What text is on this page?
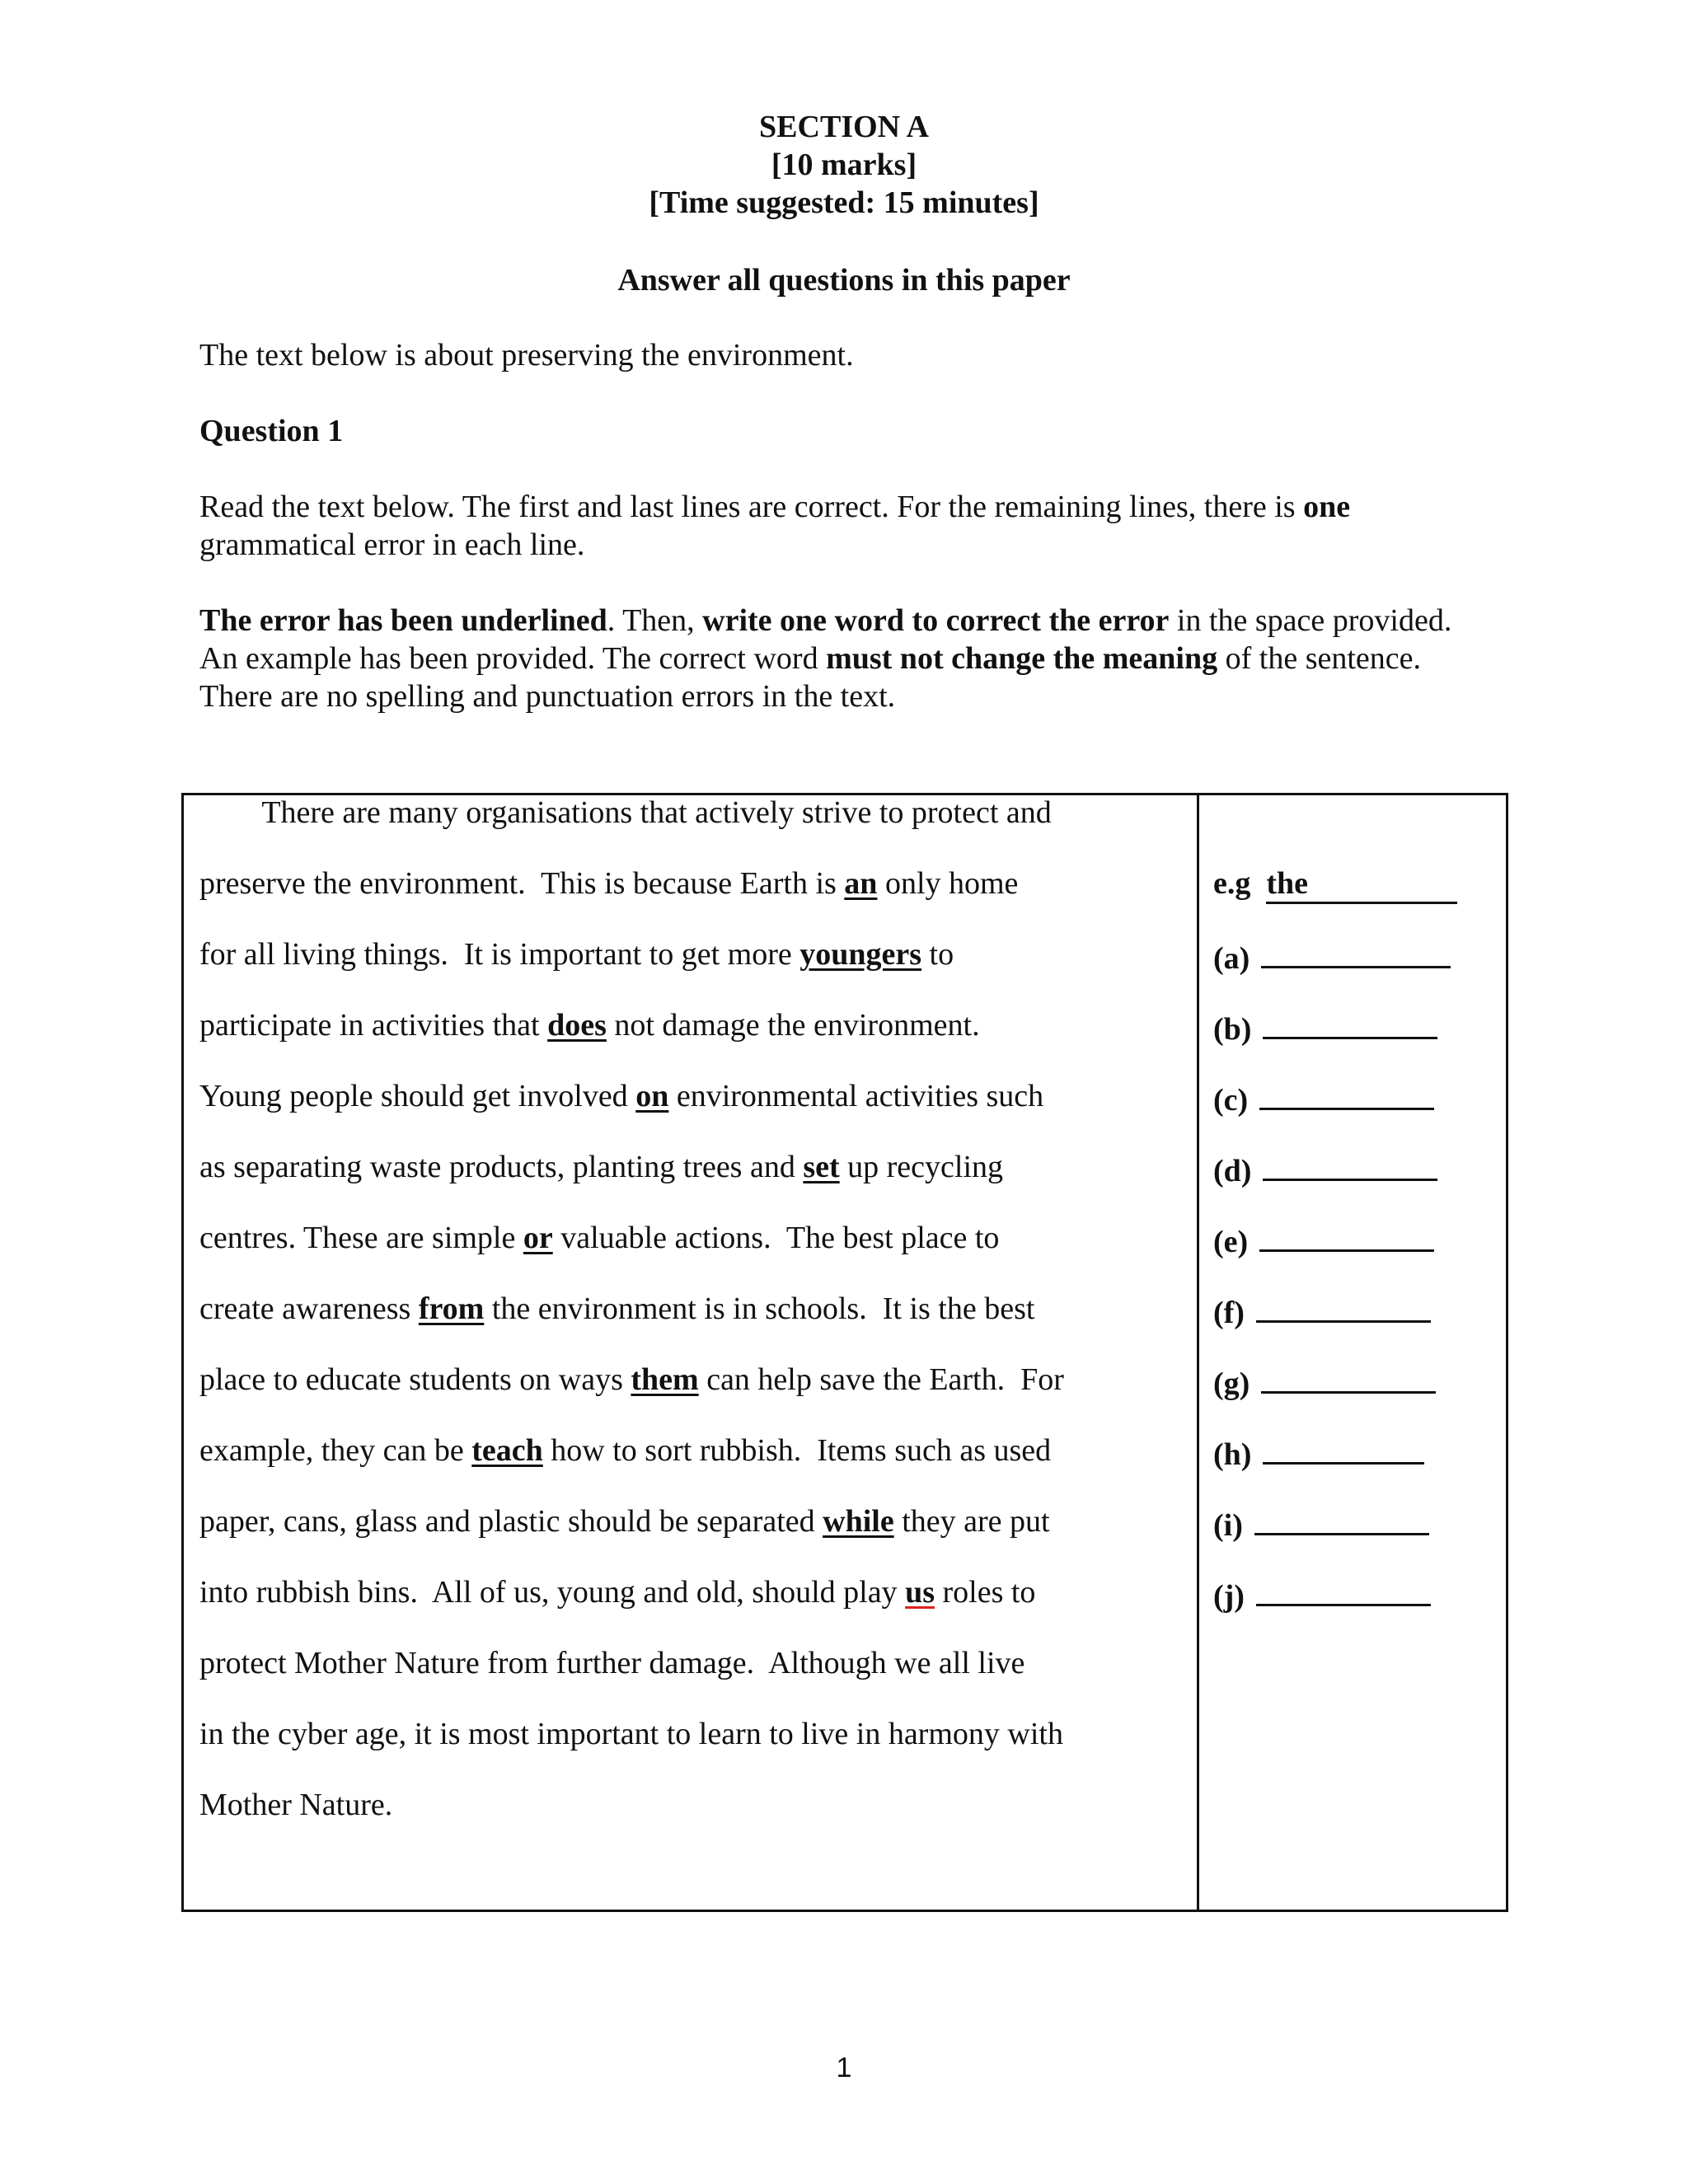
SECTION A
[10 marks]
[Time suggested: 15 minutes]
Answer all questions in this paper
The text below is about preserving the environment.
Question 1
Read the text below. The first and last lines are correct. For the remaining lines, there is one grammatical error in each line.
The error has been underlined. Then, write one word to correct the error in the space provided. An example has been provided. The correct word must not change the meaning of the sentence. There are no spelling and punctuation errors in the text.
There are many organisations that actively strive to protect and
preserve the environment.  This is because Earth is an only home
for all living things.  It is important to get more youngers to
participate in activities that does not damage the environment.
Young people should get involved on environmental activities such
as separating waste products, planting trees and set up recycling
centres. These are simple or valuable actions.  The best place to
create awareness from the environment is in schools.  It is the best
place to educate students on ways them can help save the Earth.  For
example, they can be teach how to sort rubbish.  Items such as used
paper, cans, glass and plastic should be separated while they are put
into rubbish bins.  All of us, young and old, should play us roles to
protect Mother Nature from further damage.  Although we all live
in the cyber age, it is most important to learn to live in harmony with
Mother Nature.
e.g the
(a)
(b)
(c)
(d)
(e)
(f)
(g)
(h)
(i)
(j)
1
